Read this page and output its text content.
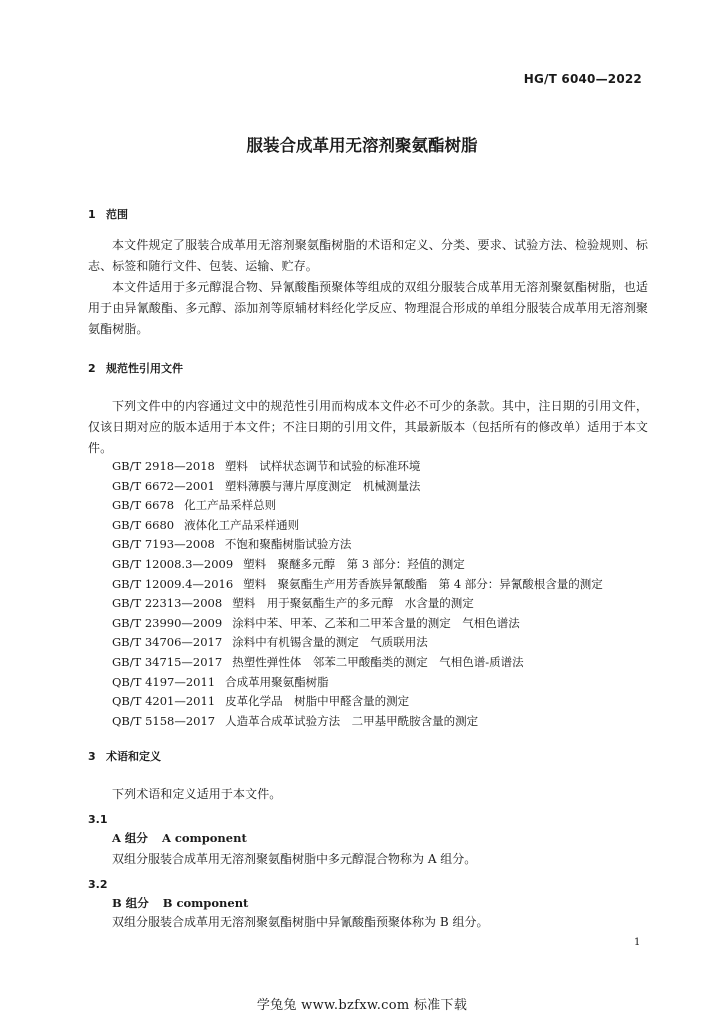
HG/T 6040—2022
服装合成革用无溶剂聚氨酯树脂
1 范围
本文件规定了服装合成革用无溶剂聚氨酯树脂的术语和定义、分类、要求、试验方法、检验规则、标志、标签和随行文件、包装、运输、贮存。
本文件适用于多元醇混合物、异氰酸酯预聚体等组成的双组分服装合成革用无溶剂聚氨酯树脂，也适用于由异氰酸酯、多元醇、添加剂等原辅材料经化学反应、物理混合形成的单组分服装合成革用无溶剂聚氨酯树脂。
2 规范性引用文件
下列文件中的内容通过文中的规范性引用而构成本文件必不可少的条款。其中，注日期的引用文件，仅该日期对应的版本适用于本文件；不注日期的引用文件，其最新版本（包括所有的修改单）适用于本文件。
GB/T 2918—2018 塑料　试样状态调节和试验的标准环境
GB/T 6672—2001 塑料薄膜与薄片厚度测定　机械测量法
GB/T 6678 化工产品采样总则
GB/T 6680 液体化工产品采样通则
GB/T 7193—2008 不饱和聚酯树脂试验方法
GB/T 12008.3—2009 塑料　聚醚多元醇　第 3 部分：羟值的测定
GB/T 12009.4—2016 塑料　聚氨酯生产用芳香族异氰酸酯　第 4 部分：异氰酸根含量的测定
GB/T 22313—2008 塑料　用于聚氨酯生产的多元醇　水含量的测定
GB/T 23990—2009 涂料中苯、甲苯、乙苯和二甲苯含量的测定　气相色谱法
GB/T 34706—2017 涂料中有机锡含量的测定　气质联用法
GB/T 34715—2017 热塑性弹性体　邻苯二甲酸酯类的测定　气相色谱-质谱法
QB/T 4197—2011 合成革用聚氨酯树脂
QB/T 4201—2011 皮革化学品　树脂中甲醛含量的测定
QB/T 5158—2017 人造革合成革试验方法　二甲基甲酰胺含量的测定
3 术语和定义
下列术语和定义适用于本文件。
3.1
A 组分 A component
双组分服装合成革用无溶剂聚氨酯树脂中多元醇混合物称为 A 组分。
3.2
B 组分 B component
双组分服装合成革用无溶剂聚氨酯树脂中异氰酸酯预聚体称为 B 组分。
1
学兔兔 www.bzfxw.com 标准下载
